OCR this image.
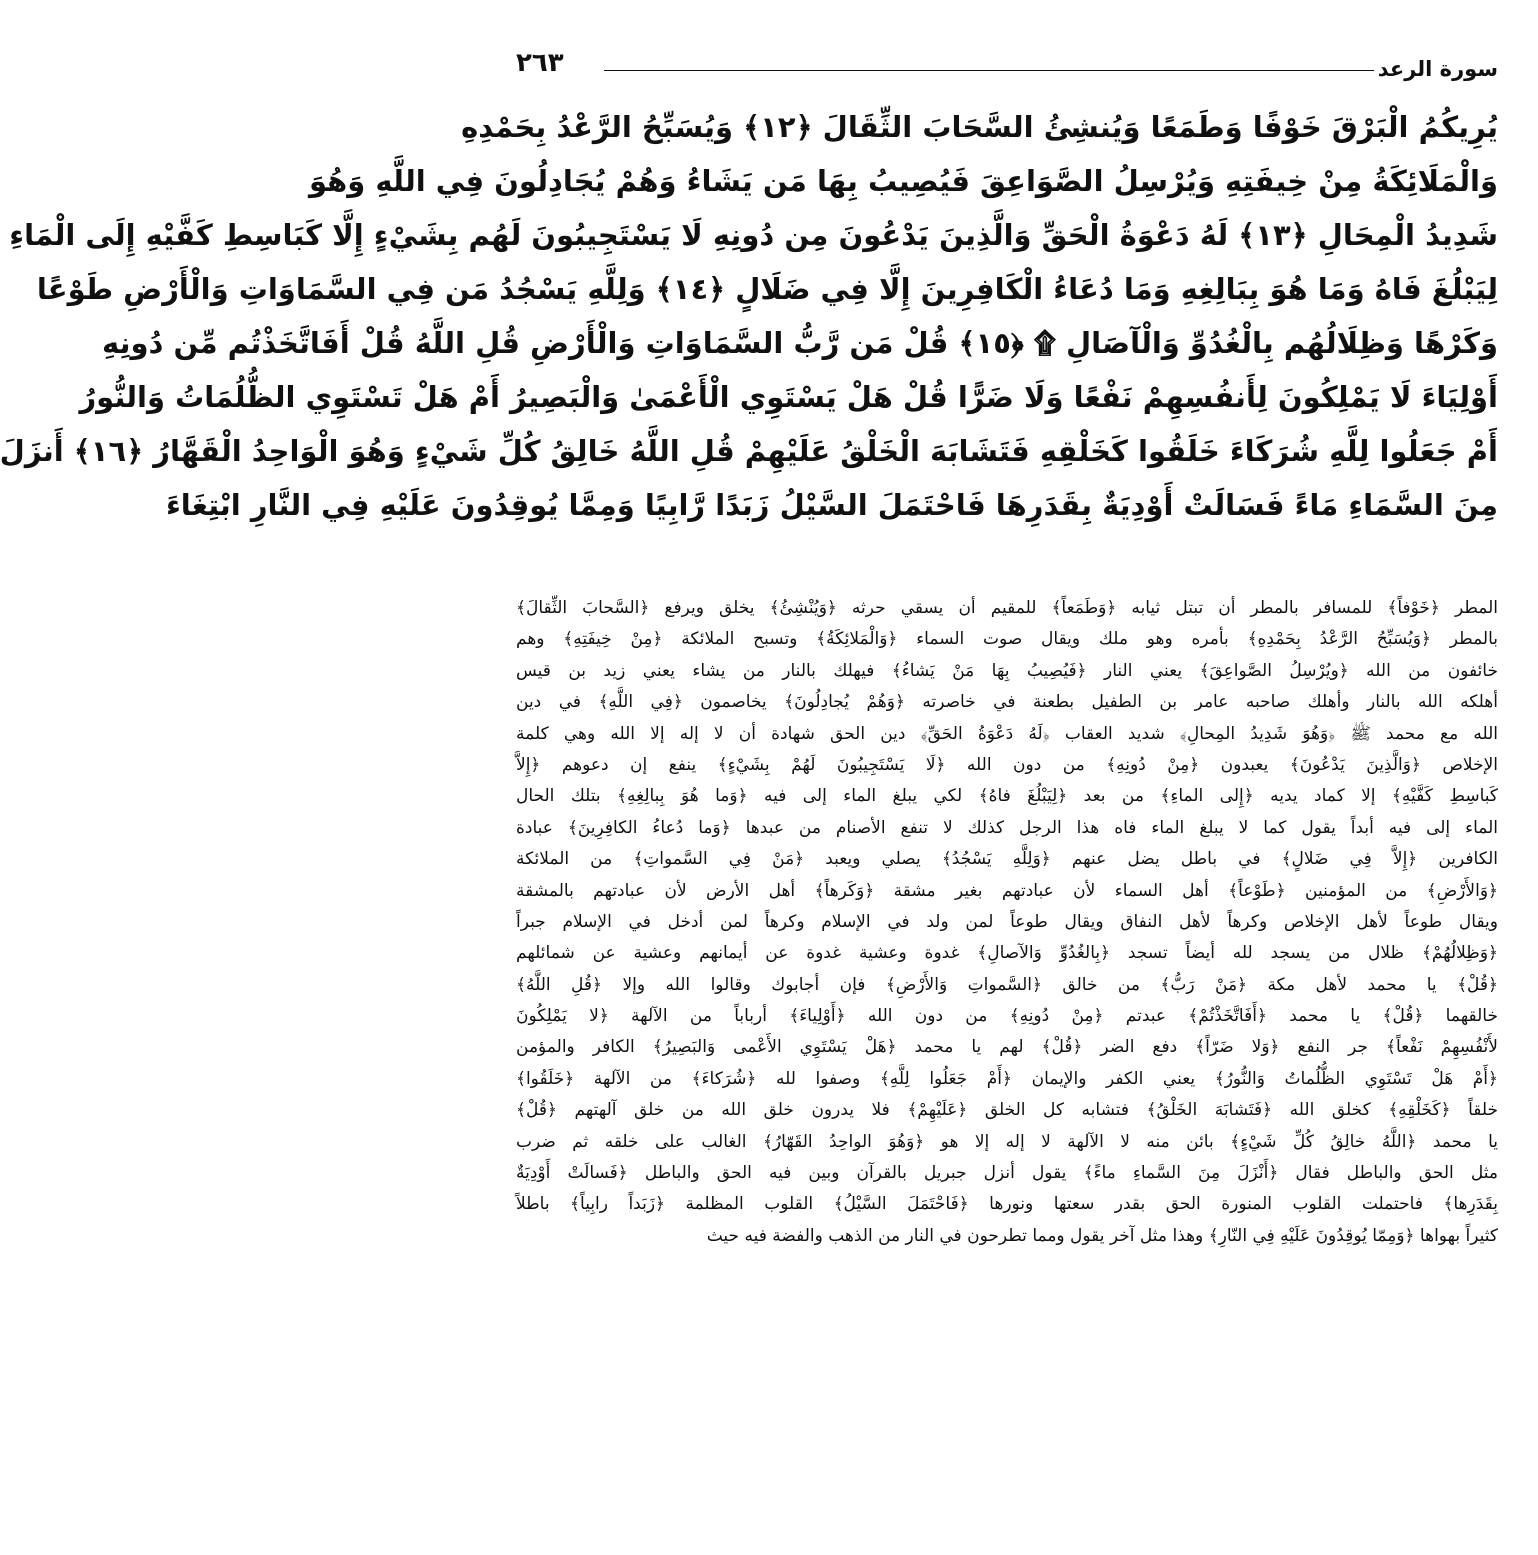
سورة الرعد
٢٦٣
يُرِيكُمُ الْبَرْقَ خَوْفًا وَطَمَعًا وَيُنشِئُ السَّحَابَ الثِّقَالَ ﴿١٢﴾ وَيُسَبِّحُ الرَّعْدُ بِحَمْدِهِ
وَالْمَلَائِكَةُ مِنْ خِيفَتِهِ وَيُرْسِلُ الصَّوَاعِقَ فَيُصِيبُ بِهَا مَن يَشَاءُ وَهُمْ يُجَادِلُونَ فِي اللَّهِ وَهُوَ
شَدِيدُ الْمِحَالِ ﴿١٣﴾ لَهُ دَعْوَةُ الْحَقِّ وَالَّذِينَ يَدْعُونَ مِن دُونِهِ لَا يَسْتَجِيبُونَ لَهُم بِشَيْءٍ إِلَّا كَبَاسِطِ كَفَّيْهِ إِلَى الْمَاءِ
لِيَبْلُغَ فَاهُ وَمَا هُوَ بِبَالِغِهِ وَمَا دُعَاءُ الْكَافِرِينَ إِلَّا فِي ضَلَالٍ ﴿١٤﴾ وَلِلَّهِ يَسْجُدُ مَن فِي السَّمَاوَاتِ وَالْأَرْضِ طَوْعًا
وَكَرْهًا وَظِلَالُهُم بِالْغُدُوِّ وَالْآصَالِ ۩ ﴿١٥﴾ قُلْ مَن رَّبُّ السَّمَاوَاتِ وَالْأَرْضِ قُلِ اللَّهُ قُلْ أَفَاتَّخَذْتُم مِّن دُونِهِ
أَوْلِيَاءَ لَا يَمْلِكُونَ لِأَنفُسِهِمْ نَفْعًا وَلَا ضَرًّا قُلْ هَلْ يَسْتَوِي الْأَعْمَىٰ وَالْبَصِيرُ أَمْ هَلْ تَسْتَوِي الظُّلُمَاتُ وَالنُّورُ
أَمْ جَعَلُوا لِلَّهِ شُرَكَاءَ خَلَقُوا كَخَلْقِهِ فَتَشَابَهَ الْخَلْقُ عَلَيْهِمْ قُلِ اللَّهُ خَالِقُ كُلِّ شَيْءٍ وَهُوَ الْوَاحِدُ الْقَهَّارُ ﴿١٦﴾ أَنزَلَ
مِنَ السَّمَاءِ مَاءً فَسَالَتْ أَوْدِيَةٌ بِقَدَرِهَا فَاحْتَمَلَ السَّيْلُ زَبَدًا رَّابِيًا وَمِمَّا يُوقِدُونَ عَلَيْهِ فِي النَّارِ ابْتِغَاءَ
المطر ﴿خَوْفاً﴾ للمسافر بالمطر أن تبتل ثيابه ﴿وَطَمَعاً﴾ للمقيم أن يسقي حرثه ﴿وَيُنْشِئُ﴾ يخلق ويرفع ﴿السَّحابَ الثِّقالَ﴾
بالمطر ﴿وَيُسَبِّحُ الرَّعْدُ بِحَمْدِهِ﴾ بأمره وهو ملك ويقال صوت السماء ﴿وَالْمَلائِكَةُ﴾ وتسبح الملائكة ﴿مِنْ خِيفَتِهِ﴾ وهم
خائفون من الله ﴿ويُرْسِلُ الصَّواعِقَ﴾ يعني النار ﴿فَيُصِيبُ بِهَا مَنْ يَشاءُ﴾ فيهلك بالنار من يشاء يعني زيد بن قيس
أهلكه الله بالنار وأهلك صاحبه عامر بن الطفيل بطعنة في خاصرته ﴿وَهُمْ يُجادِلُونَ﴾ يخاصمون ﴿فِي اللَّهِ﴾ في دين
الله مع محمد ﷺ ﴿وَهُوَ شَدِيدُ المِحالِ﴾ شديد العقاب ﴿لَهُ دَعْوَةُ الحَقِّ﴾ دين الحق شهادة أن لا إله إلا الله وهي كلمة
الإخلاص ﴿وَالَّذِينَ يَدْعُونَ﴾ يعبدون ﴿مِنْ دُونِهِ﴾ من دون الله ﴿لَا يَسْتَجِيبُونَ لَهُمْ بِشَيْءٍ﴾ ينفع إن دعوهم ﴿إِلاَّ
كَباسِطِ كَفَّيْهِ﴾ إلا كماد يديه ﴿إِلى الماءِ﴾ من بعد ﴿لِيَبْلُغَ فاهُ﴾ لكي يبلغ الماء إلى فيه ﴿وَما هُوَ بِبالِغِهِ﴾ بتلك الحال
الماء إلى فيه أبداً يقول كما لا يبلغ الماء فاه هذا الرجل كذلك لا تنفع الأصنام من عبدها ﴿وَما دُعاءُ الكافِرِينَ﴾ عبادة
الكافرين ﴿إِلاَّ فِي ضَلالٍ﴾ في باطل يضل عنهم ﴿وَلِلَّهِ يَسْجُدُ﴾ يصلي ويعبد ﴿مَنْ فِي السَّمواتِ﴾ من الملائكة
﴿وَالأَرْضِ﴾ من المؤمنين ﴿طَوْعاً﴾ أهل السماء لأن عبادتهم بغير مشقة ﴿وَكَرهاً﴾ أهل الأرض لأن عبادتهم بالمشقة
ويقال طوعاً لأهل الإخلاص وكرهاً لأهل النفاق ويقال طوعاً لمن ولد في الإسلام وكرهاً لمن أدخل في الإسلام جبراً
﴿وَظِلالُهُمْ﴾ ظلال من يسجد لله أيضاً تسجد ﴿بِالغُدُوِّ وَالآصالِ﴾ غدوة وعشية غدوة عن أيمانهم وعشية عن شمائلهم
﴿قُلْ﴾ يا محمد لأهل مكة ﴿مَنْ رَبُّ﴾ من خالق ﴿السَّمواتِ وَالأَرْضِ﴾ فإن أجابوك وقالوا الله وإلا ﴿قُلِ اللَّهُ﴾
خالقهما ﴿قُلْ﴾ يا محمد ﴿أَفَاتَّخَذْتُمْ﴾ عبدتم ﴿مِنْ دُونِهِ﴾ من دون الله ﴿أَوْلِياءَ﴾ أرباباً من الآلهة ﴿لا يَمْلِكُونَ
لأَنْفُسِهِمْ نَفْعاً﴾ جر النفع ﴿وَلا ضَرّاً﴾ دفع الضر ﴿قُلْ﴾ لهم يا محمد ﴿هَلْ يَسْتَوِي الأَعْمى وَالبَصِيرُ﴾ الكافر والمؤمن
﴿أَمْ هَلْ تَسْتَوِي الظُّلُماتُ وَالنُّورُ﴾ يعني الكفر والإيمان ﴿أَمْ جَعَلُوا لِلَّهِ﴾ وصفوا لله ﴿شُرَكاءَ﴾ من الآلهة ﴿خَلَقُوا﴾
خلقاً ﴿كَخَلْقِهِ﴾ كخلق الله ﴿فَتَشابَهَ الخَلْقُ﴾ فتشابه كل الخلق ﴿عَلَيْهِمْ﴾ فلا يدرون خلق الله من خلق آلهتهم ﴿قُلْ﴾
يا محمد ﴿اللَّهُ خالِقُ كُلِّ شَيْءٍ﴾ بائن منه لا الآلهة لا إله إلا هو ﴿وَهُوَ الواحِدُ القَهّارُ﴾ الغالب على خلقه ثم ضرب
مثل الحق والباطل فقال ﴿أَنْزَلَ مِنَ السَّماءِ ماءً﴾ يقول أنزل جبريل بالقرآن وبين فيه الحق والباطل ﴿فَسالَتْ أَوْدِيَةٌ
بِقَدَرِها﴾ فاحتملت القلوب المنورة الحق بقدر سعتها ونورها ﴿فَاحْتَمَلَ السَّيْلُ﴾ القلوب المظلمة ﴿زَبَداً رابِياً﴾ باطلاً
كثيراً بهواها ﴿وَمِمّا يُوقِدُونَ عَلَيْهِ فِي النّارِ﴾ وهذا مثل آخر يقول ومما تطرحون في النار من الذهب والفضة فيه حيث
